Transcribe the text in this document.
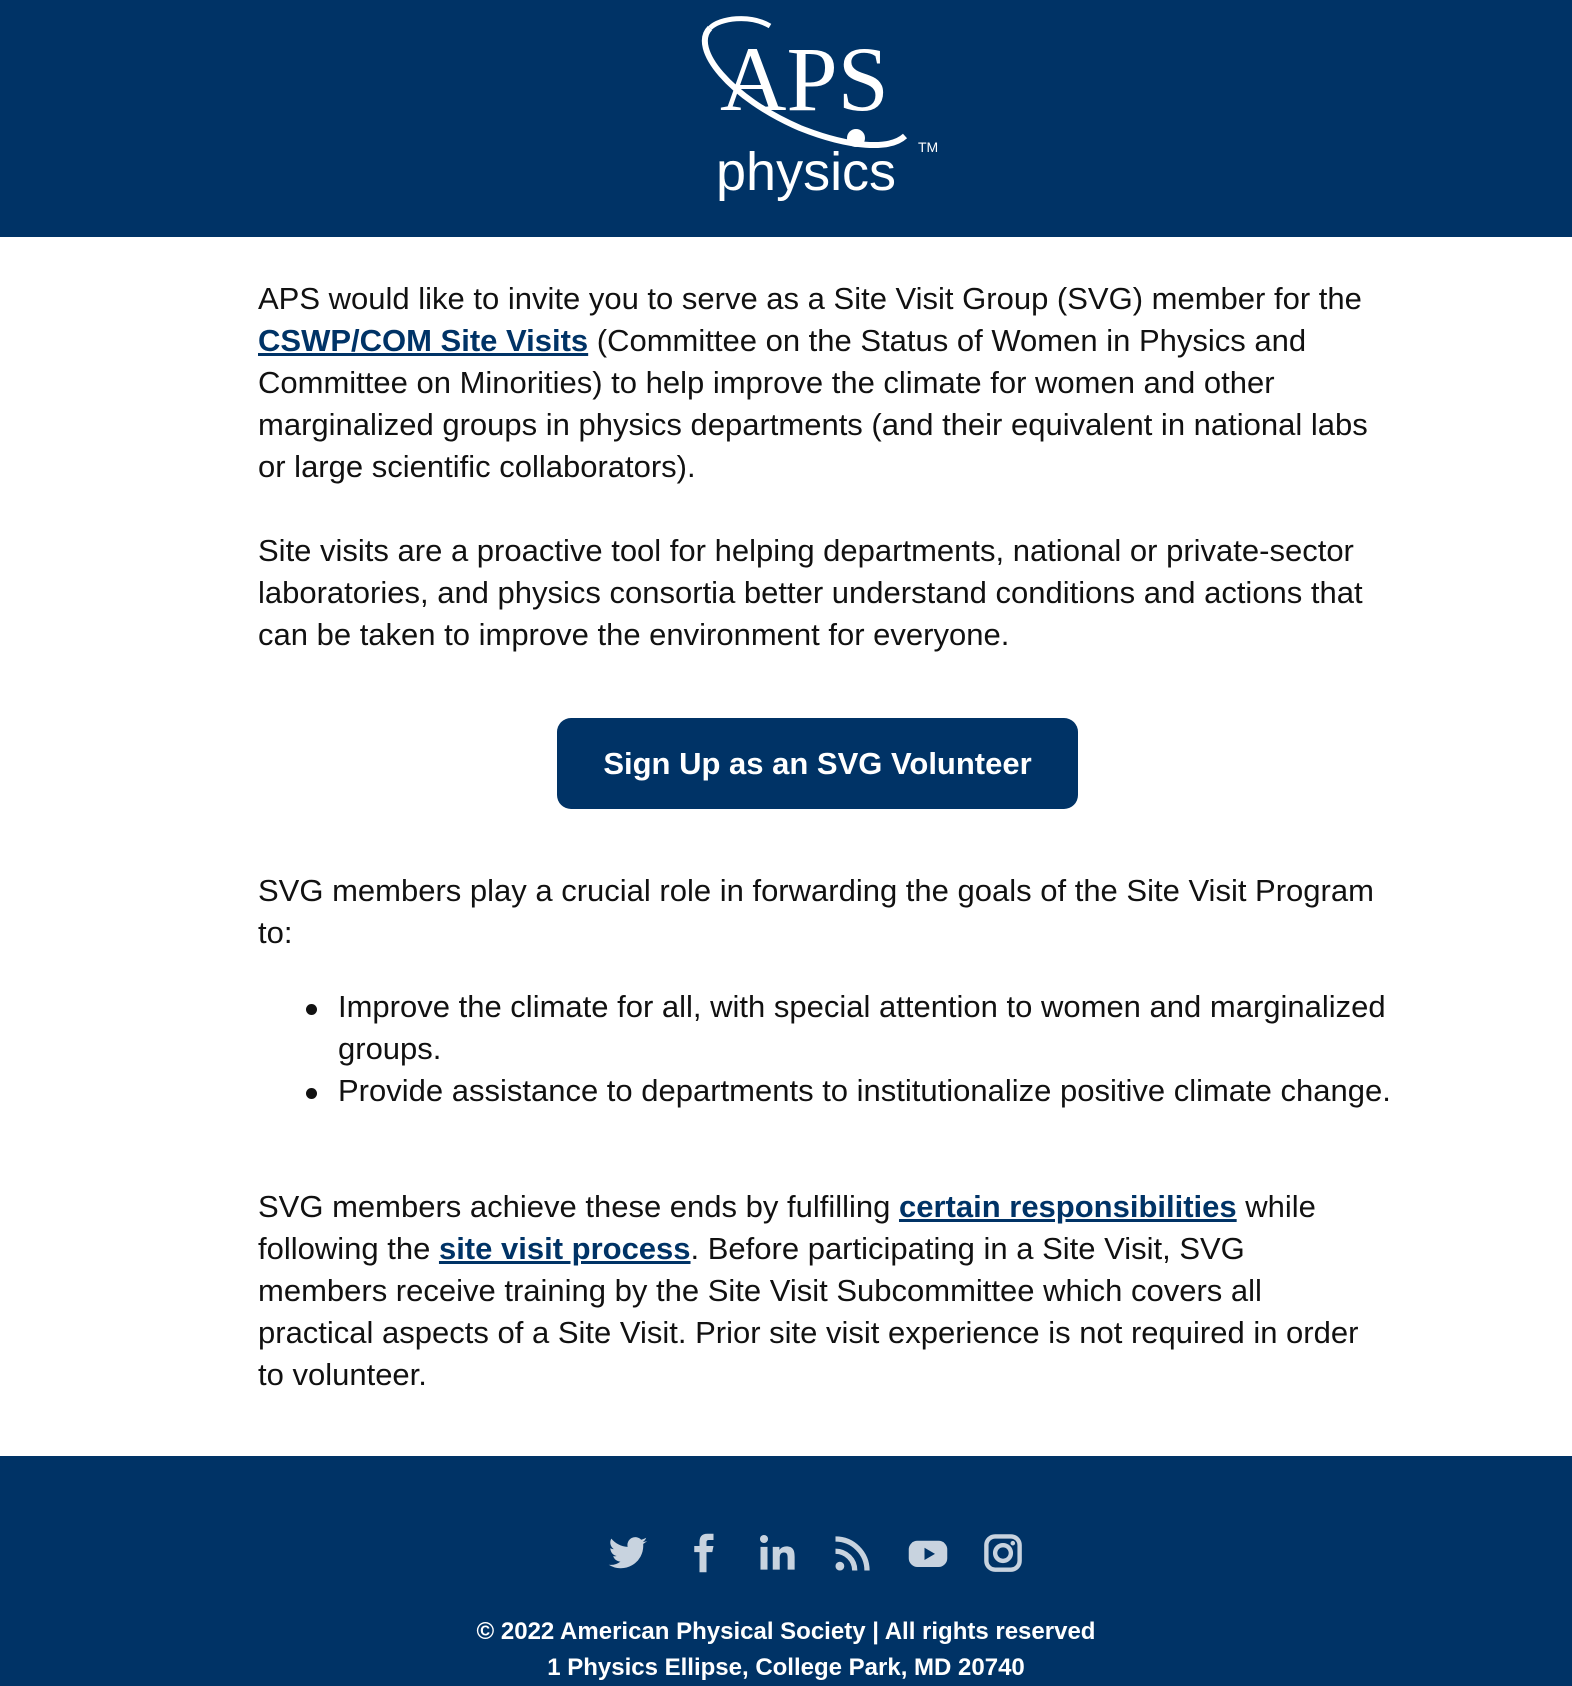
APS
physics TM

APS would like to invite you to serve as a Site Visit Group (SVG) member for the CSWP/COM Site Visits (Committee on the Status of Women in Physics and Committee on Minorities) to help improve the climate for women and other marginalized groups in physics departments (and their equivalent in national labs or large scientific collaborators).

Site visits are a proactive tool for helping departments, national or private-sector laboratories, and physics consortia better understand conditions and actions that can be taken to improve the environment for everyone.

Sign Up as an SVG Volunteer

SVG members play a crucial role in forwarding the goals of the Site Visit Program to:

Improve the climate for all, with special attention to women and marginalized groups.
Provide assistance to departments to institutionalize positive climate change.

SVG members achieve these ends by fulfilling certain responsibilities while following the site visit process. Before participating in a Site Visit, SVG members receive training by the Site Visit Subcommittee which covers all practical aspects of a Site Visit. Prior site visit experience is not required in order to volunteer.

© 2022 American Physical Society | All rights reserved
1 Physics Ellipse, College Park, MD 20740
